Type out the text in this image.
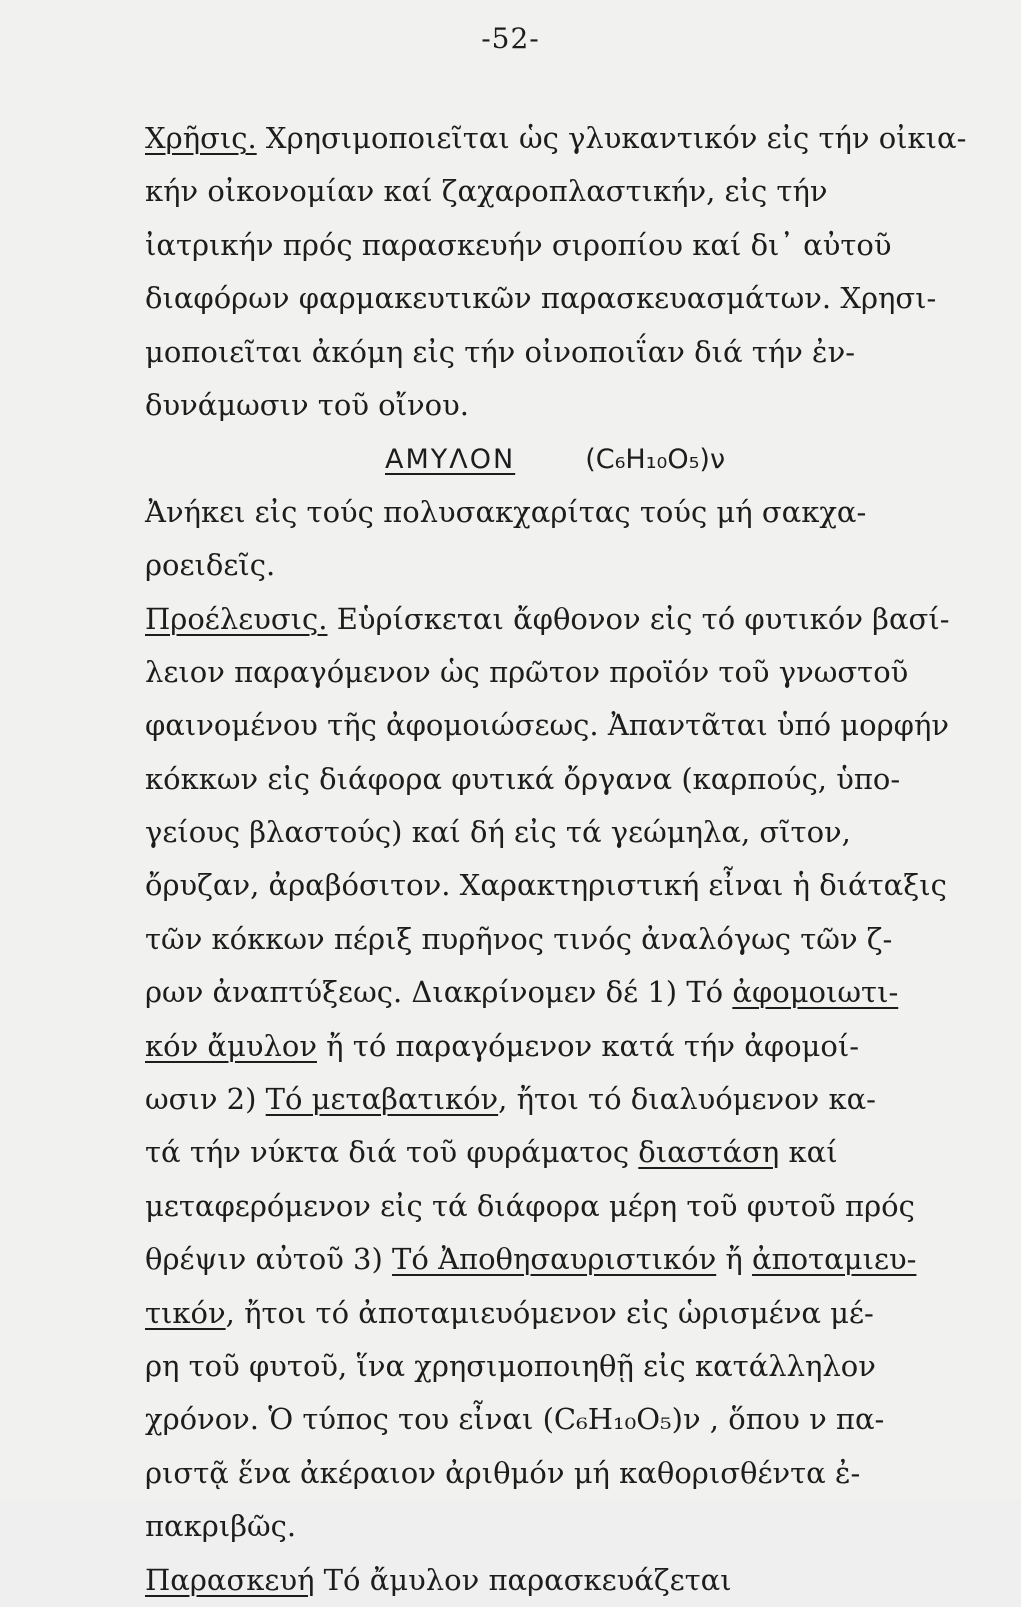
-52-
Χρῆσις. Χρησιμοποιεῖται ὡς γλυκαντικόν εἰς τήν οἰκια-
κήν οἰκονομίαν καί ζαχαροπλαστικήν, εἰς τήν
ἰατρικήν πρός παρασκευήν σιροπίου καί δι᾽ αὐτοῦ
διαφόρων φαρμακευτικῶν παρασκευασμάτων. Χρησι-
μοποιεῖται ἀκόμη εἰς τήν οἰνοποιΐαν διά τήν ἐν-
δυνάμωσιν τοῦ οἴνου.
ΑΜΥΛΟΝ	(C₆H₁₀O₅)ν
Ἀνήκει εἰς τούς πολυσακχαρίτας τούς μή σακχα-
ροειδεῖς.
Προέλευσις. Εὑρίσκεται ἄφθονον εἰς τό φυτικόν βασί-
λειον παραγόμενον ὡς πρῶτον προϊόν τοῦ γνωστοῦ
φαινομένου τῆς ἀφομοιώσεως. Ἀπαντᾶται ὑπό μορφήν
κόκκων εἰς διάφορα φυτικά ὄργανα (καρπούς, ὑπο-
γείους βλαστούς) καί δή εἰς τά γεώμηλα, σῖτον,
ὄρυζαν, ἀραβόσιτον. Χαρακτηριστική εἶναι ἡ διάταξις
τῶν κόκκων πέριξ πυρῆνος τινός ἀναλόγως τῶν ζ-
ρων ἀναπτύξεως. Διακρίνομεν δέ 1) Τό ἀφομοιωτι-
κόν ἄμυλον ἤ τό παραγόμενον κατά τήν ἀφομοί-
ωσιν 2) Τό μεταβατικόν, ἤτοι τό διαλυόμενον κα-
τά τήν νύκτα διά τοῦ φυράματος διαστάση καί
μεταφερόμενον εἰς τά διάφορα μέρη τοῦ φυτοῦ πρός
θρέψιν αὐτοῦ 3) Τό Ἀποθησαυριστικόν ἤ ἀποταμιευ-
τικόν, ἤτοι τό ἀποταμιευόμενον εἰς ὡρισμένα μέ-
ρη τοῦ φυτοῦ, ἵνα χρησιμοποιηθῇ εἰς κατάλληλον
χρόνον. Ὁ τύπος του εἶναι (C₆H₁₀O₅)ν , ὅπου ν πα-
ριστᾷ ἕνα ἀκέραιον ἀριθμόν μή καθορισθέντα ἐ-
πακριβῶς.
Παρασκευή Τό ἄμυλον παρασκευάζεται
